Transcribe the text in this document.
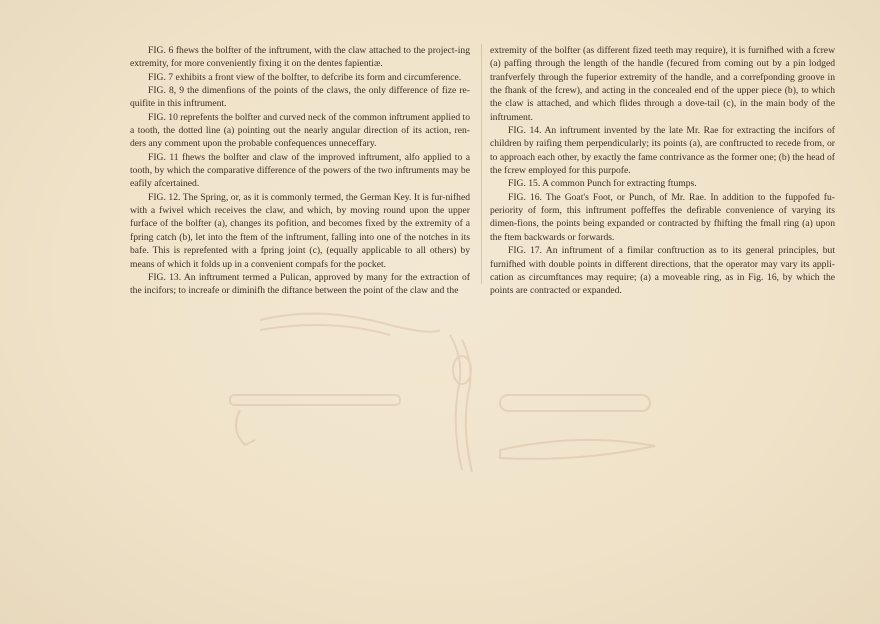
FIG. 6 fhews the bolfter of the inftrument, with the claw attached to the project-ing extremity, for more conveniently fixing it on the dentes fapientiæ.

FIG. 7 exhibits a front view of the bolfter, to defcribe its form and circumference.

FIG. 8, 9 the dimenfions of the points of the claws, the only difference of fize re-quifite in this inftrument.

FIG. 10 reprefents the bolfter and curved neck of the common inftrument applied to a tooth, the dotted line (a) pointing out the nearly angular direction of its action, ren-ders any comment upon the probable confequences unneceffary.

FIG. 11 fhews the bolfter and claw of the improved inftrument, alfo applied to a tooth, by which the comparative difference of the powers of the two inftruments may be eafily afcertained.

FIG. 12. The Spring, or, as it is commonly termed, the German Key. It is fur-nifhed with a fwivel which receives the claw, and which, by moving round upon the upper furface of the bolfter (a), changes its pofition, and becomes fixed by the extremity of a fpring catch (b), let into the ftem of the inftrument, falling into one of the notches in its bafe. This is reprefented with a fpring joint (c), (equally applicable to all others) by means of which it folds up in a convenient compafs for the pocket.

FIG. 13. An inftrument termed a Pulican, approved by many for the extraction of the incifors; to increafe or diminifh the diftance between the point of the claw and the

extremity of the bolfter (as different fized teeth may require), it is furnifhed with a fcrew (a) paffing through the length of the handle (fecured from coming out by a pin lodged tranfverfely through the fuperior extremity of the handle, and a correfponding groove in the fhank of the fcrew), and acting in the concealed end of the upper piece (b), to which the claw is attached, and which flides through a dove-tail (c), in the main body of the inftrument.

FIG. 14. An inftrument invented by the late Mr. Rae for extracting the incifors of children by raifing them perpendicularly; its points (a), are conftructed to recede from, or to approach each other, by exactly the fame contrivance as the former one; (b) the head of the fcrew employed for this purpofe.

FIG. 15. A common Punch for extracting ftumps.

FIG. 16. The Goat's Foot, or Punch, of Mr. Rae. In addition to the fuppofed fu-periority of form, this inftrument poffeffes the defirable convenience of varying its dimen-fions, the points being expanded or contracted by fhifting the fmall ring (a) upon the ftem backwards or forwards.

FIG. 17. An inftrument of a fimilar conftruction as to its general principles, but furnifhed with double points in different directions, that the operator may vary its appli-cation as circumftances may require; (a) a moveable ring, as in Fig. 16, by which the points are contracted or expanded.
